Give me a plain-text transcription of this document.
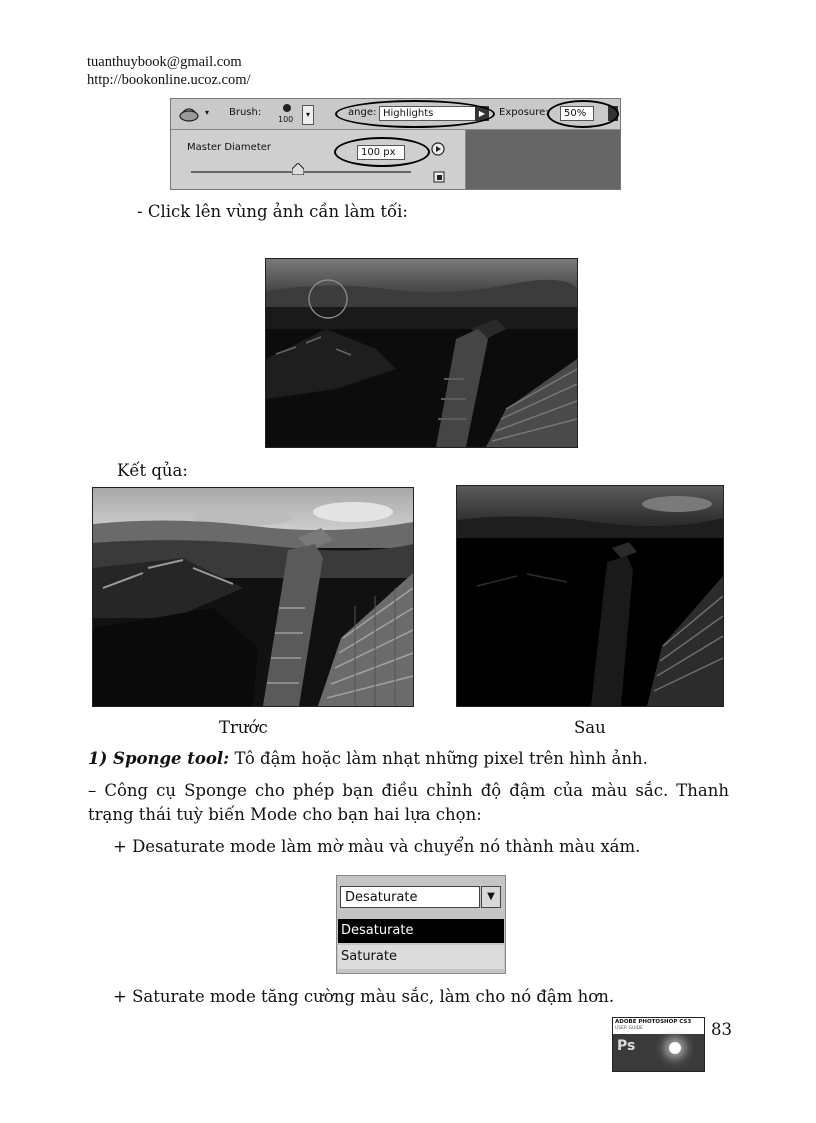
tuanthuybook@gmail.com
http://bookonline.ucoz.com/
▾ Brush:
100
▾	ange: Highlights	▶	Exposure:	50%
Master Diameter	100 px
- Click lên vùng ảnh cần làm tối:
Kết qủa:
Trước	Sau
1) Sponge tool: Tô đậm hoặc làm nhạt những pixel trên hình ảnh.
– Công cụ Sponge cho phép bạn điều chỉnh độ đậm của màu sắc. Thanh trạng thái tuỳ biến Mode cho bạn hai lựa chọn:
+ Desaturate mode làm mờ màu và chuyển nó thành màu xám.
Desaturate	▼
Desaturate
Saturate
+ Saturate mode tăng cường màu sắc, làm cho nó đậm hơn.
ADOBE PHOTOSHOP CS3
USER GUIDE
Ps
83
